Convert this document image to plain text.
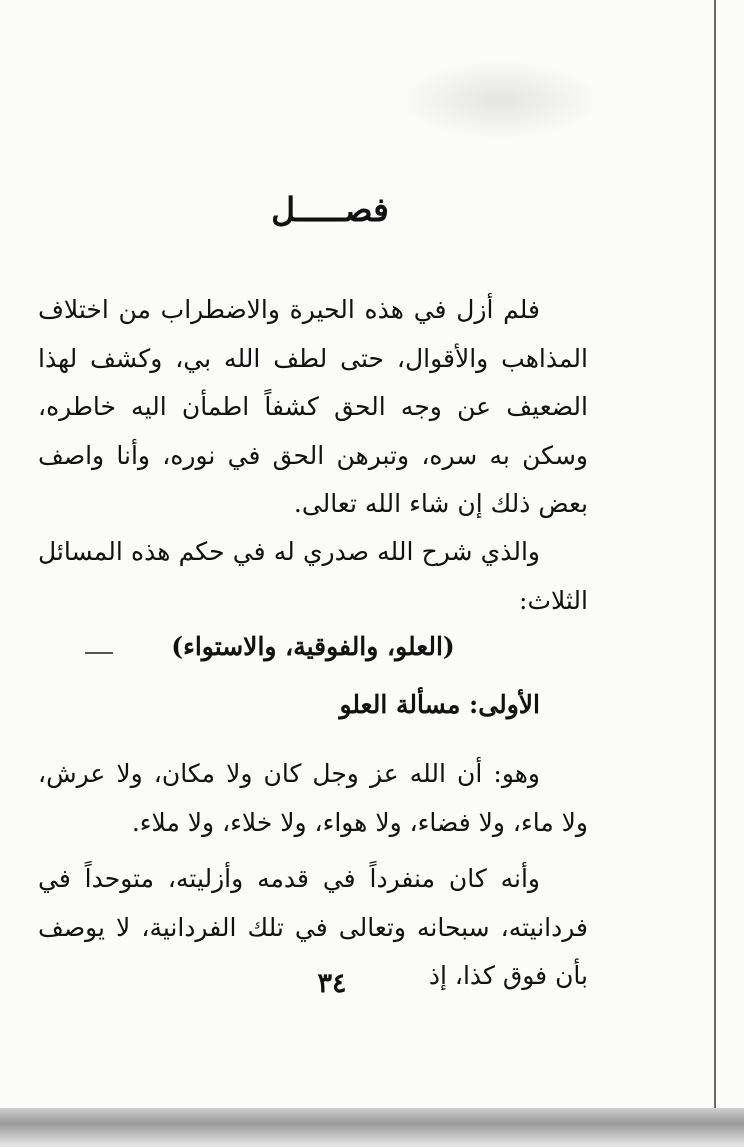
فصـــــل
فلم أزل في هذه الحيرة والاضطراب من اختلاف المذاهب والأقوال، حتى لطف الله بي، وكشف لهذا الضعيف عن وجه الحق كشفاً اطمأن اليه خاطره، وسكن به سره، وتبرهن الحق في نوره، وأنا واصف بعض ذلك إن شاء الله تعالى.
والذي شرح الله صدري له في حكم هذه المسائل الثلاث:
(العلو، والفوقية، والاستواء)
الأولى: مسألة العلو
وهو: أن الله عز وجل كان ولا مكان، ولا عرش، ولا ماء، ولا فضاء، ولا هواء، ولا خلاء، ولا ملاء.
وأنه كان منفرداً في قدمه وأزليته، متوحداً في فردانيته، سبحانه وتعالى في تلك الفردانية، لا يوصف بأن فوق كذا، إذ
٣٤
